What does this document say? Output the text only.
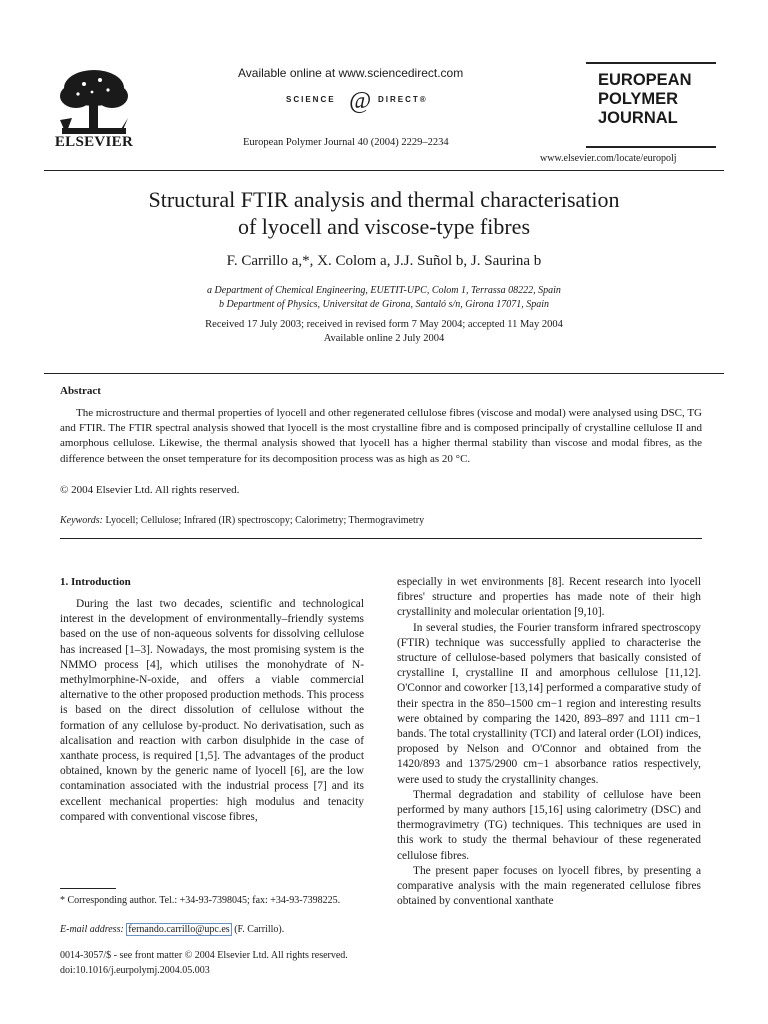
ELSEVIER
Available online at www.sciencedirect.com
SCIENCE @ DIRECT®
European Polymer Journal 40 (2004) 2229–2234
EUROPEAN
POLYMER
JOURNAL
www.elsevier.com/locate/europolj
Structural FTIR analysis and thermal characterisation
of lyocell and viscose-type fibres
F. Carrillo a,*, X. Colom a, J.J. Suñol b, J. Saurina b
a Department of Chemical Engineering, EUETIT-UPC, Colom 1, Terrassa 08222, Spain
b Department of Physics, Universitat de Girona, Santaló s/n, Girona 17071, Spain
Received 17 July 2003; received in revised form 7 May 2004; accepted 11 May 2004
Available online 2 July 2004
Abstract

The microstructure and thermal properties of lyocell and other regenerated cellulose fibres (viscose and modal) were analysed using DSC, TG and FTIR. The FTIR spectral analysis showed that lyocell is the most crystalline fibre and is composed principally of crystalline cellulose II and amorphous cellulose. Likewise, the thermal analysis showed that lyocell has a higher thermal stability than viscose and modal fibres, as the difference between the onset temperature for its decomposition process was as high as 20 °C.

© 2004 Elsevier Ltd. All rights reserved.
Keywords: Lyocell; Cellulose; Infrared (IR) spectroscopy; Calorimetry; Thermogravimetry
1. Introduction

During the last two decades, scientific and technological interest in the development of environmentally–friendly systems based on the use of non-aqueous solvents for dissolving cellulose has increased [1–3]. Nowadays, the most promising system is the NMMO process [4], which utilises the monohydrate of N-methylmorphine-N-oxide, and offers a viable commercial alternative to the other proposed production methods. This process is based on the direct dissolution of cellulose without the formation of any cellulose by-product. No derivatisation, such as alcalisation and reaction with carbon disulphide in the case of xanthate process, is required [1,5]. The advantages of the product obtained, known by the generic name of lyocell [6], are the low contamination associated with the industrial process [7] and its excellent mechanical properties: high modulus and tenacity compared with conventional viscose fibres,

especially in wet environments [8]. Recent research into lyocell fibres' structure and properties has made note of their high crystallinity and molecular orientation [9,10].

In several studies, the Fourier transform infrared spectroscopy (FTIR) technique was successfully applied to characterise the structure of cellulose-based polymers that basically consisted of crystalline I, crystalline II and amorphous cellulose [11,12]. O'Connor and coworker [13,14] performed a comparative study of their spectra in the 850–1500 cm−1 region and interesting results were obtained by comparing the 1420, 893–897 and 1111 cm−1 bands. The total crystallinity (TCI) and lateral order (LOI) indices, proposed by Nelson and O'Connor and obtained from the 1420/893 and 1375/2900 cm−1 absorbance ratios respectively, were used to study the crystallinity changes.

Thermal degradation and stability of cellulose have been performed by many authors [15,16] using calorimetry (DSC) and thermogravimetry (TG) techniques. This techniques are used in this work to study the thermal behaviour of these regenerated cellulose fibres.

The present paper focuses on lyocell fibres, by presenting a comparative analysis with the main regenerated cellulose fibres obtained by conventional xanthate

* Corresponding author. Tel.: +34-93-7398045; fax: +34-93-7398225.
E-mail address: fernando.carrillo@upc.es (F. Carrillo).
0014-3057/$ - see front matter © 2004 Elsevier Ltd. All rights reserved.
doi:10.1016/j.eurpolymj.2004.05.003
